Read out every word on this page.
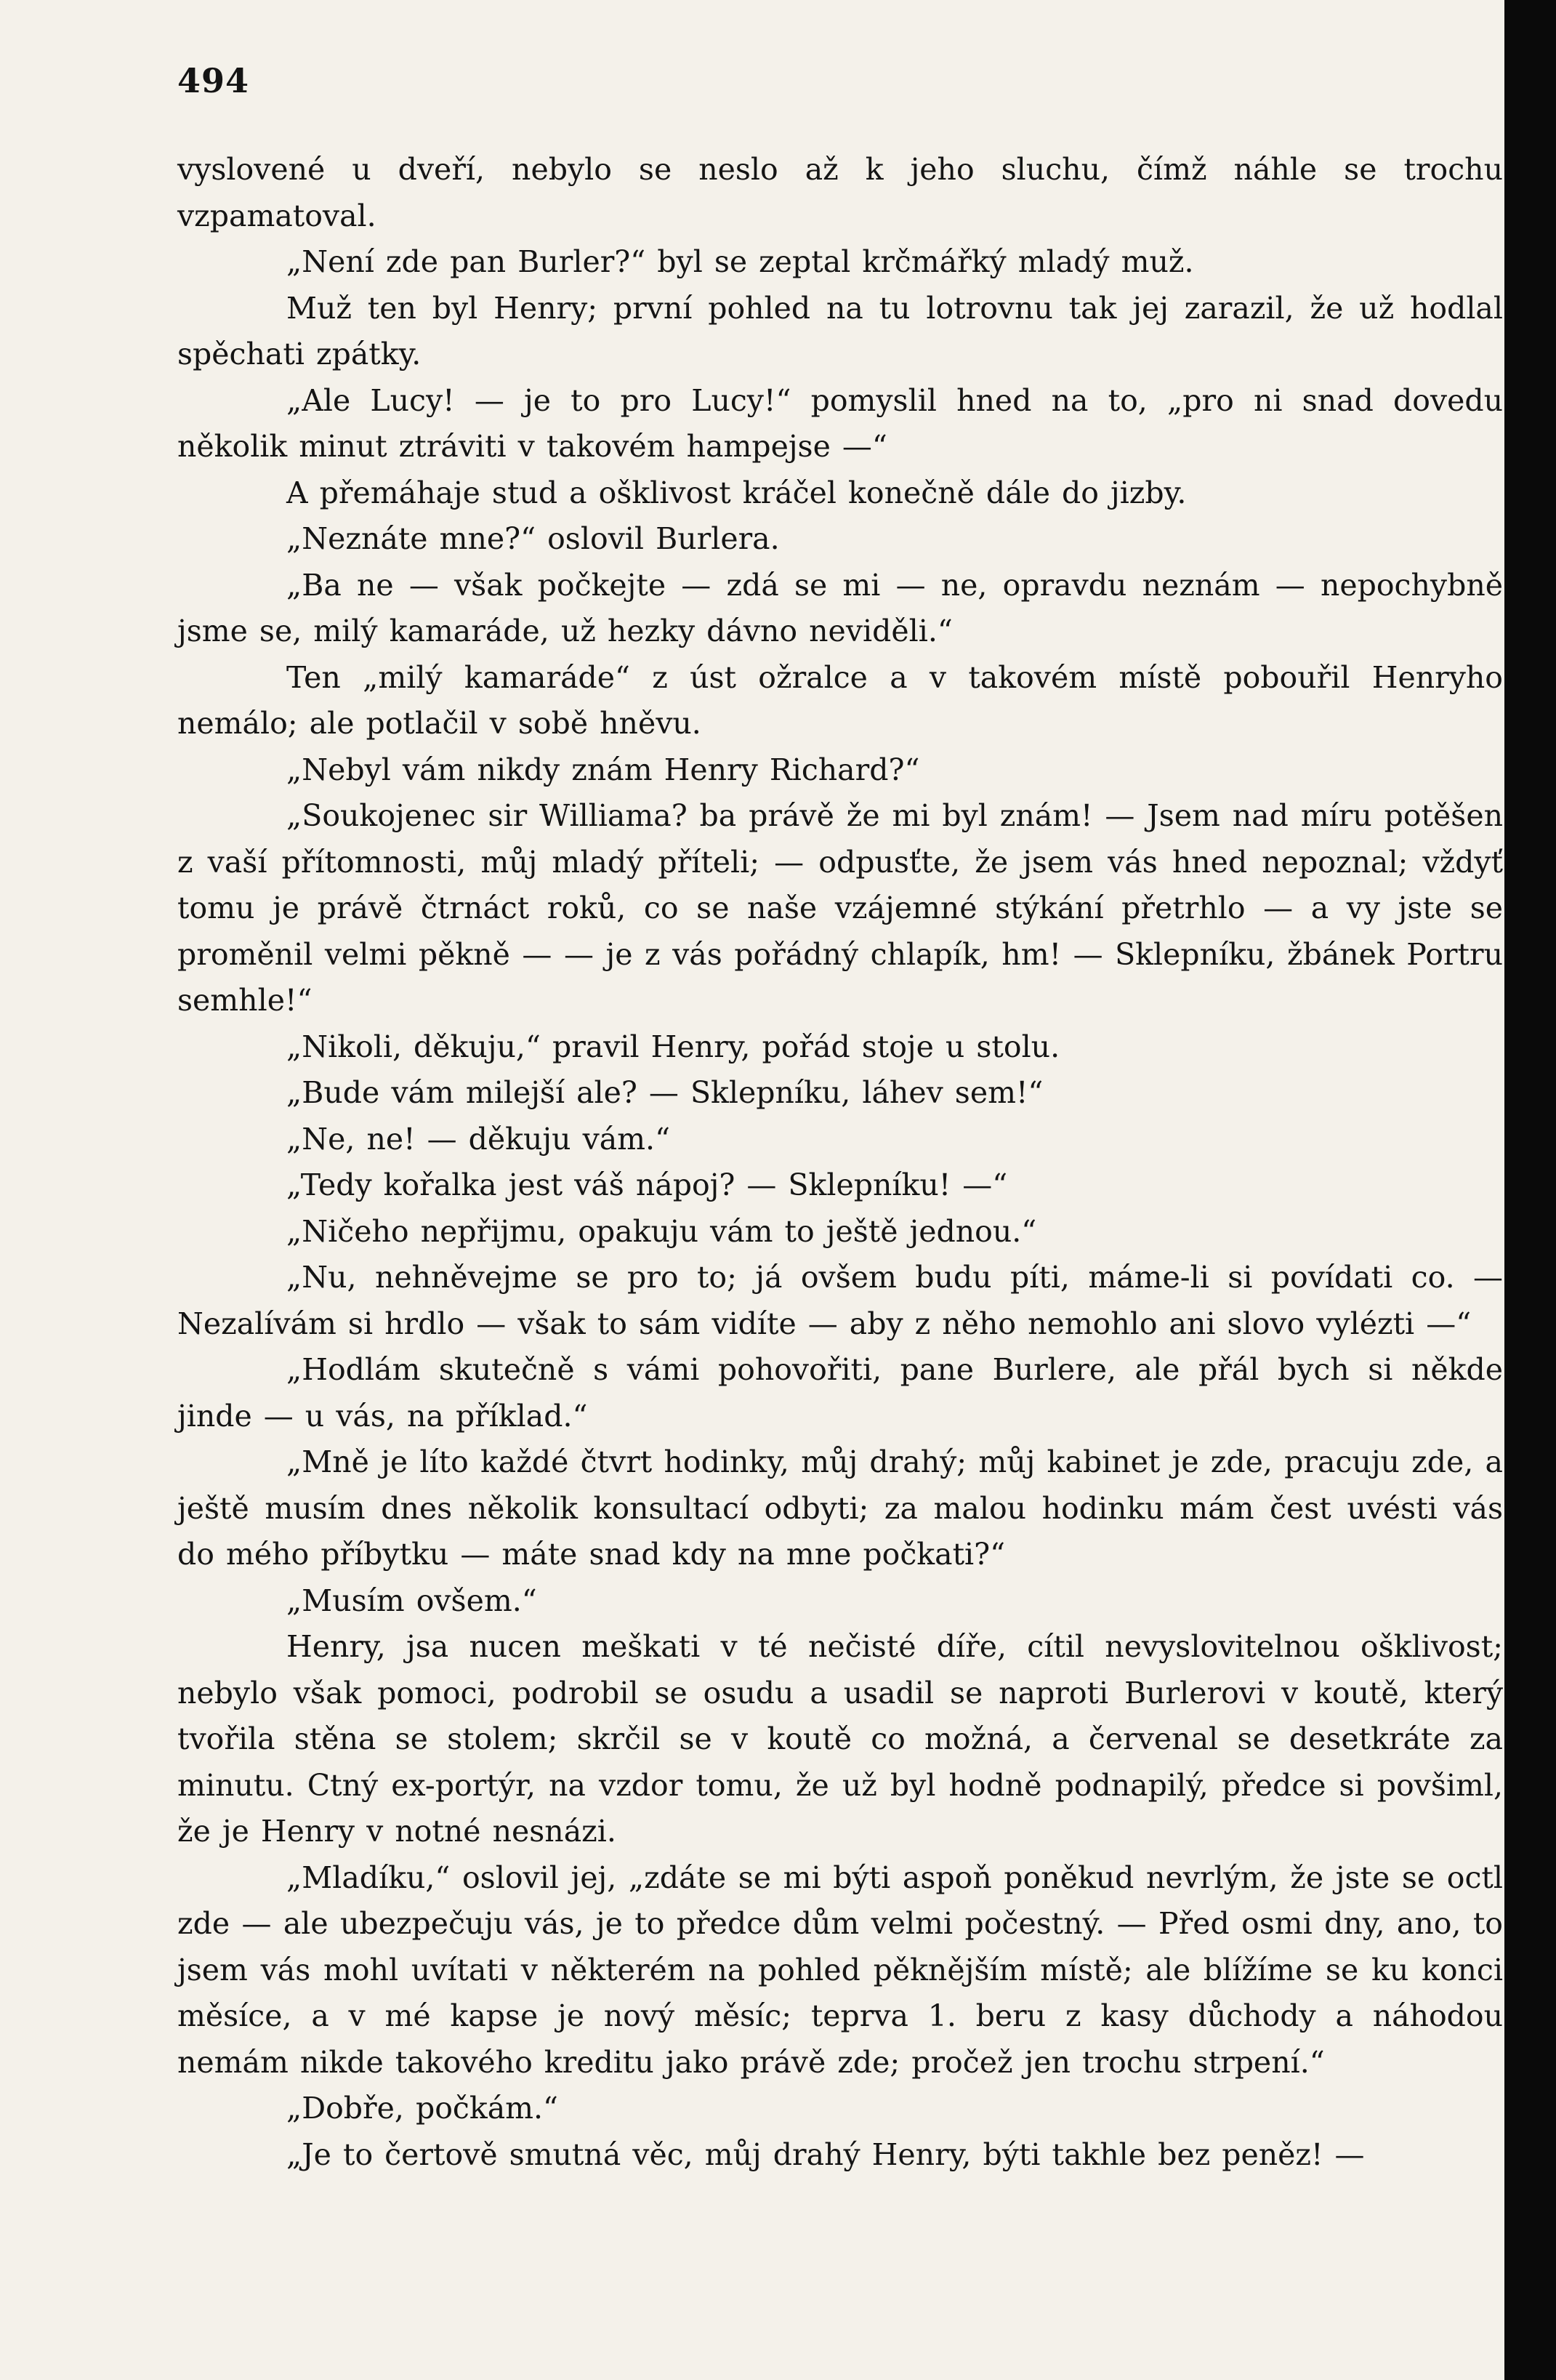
494

vyslovené u dveří, nebylo se neslo až k jeho sluchu, čímž náhle se trochu vzpamatoval.

„Není zde pan Burler?“ byl se zeptal krčmářký mladý muž.

Muž ten byl Henry; první pohled na tu lotrovnu tak jej zarazil, že už hodlal spěchati zpátky.

„Ale Lucy! — je to pro Lucy!“ pomyslil hned na to, „pro ni snad dovedu několik minut ztráviti v takovém hampejse —“

A přemáhaje stud a ošklivost kráčel konečně dále do jizby.

„Neznáte mne?“ oslovil Burlera.

„Ba ne — však počkejte — zdá se mi — ne, opravdu neznám — nepochybně jsme se, milý kamaráde, už hezky dávno neviděli.“

Ten „milý kamaráde“ z úst ožralce a v takovém místě pobouřil Henryho nemálo; ale potlačil v sobě hněvu.

„Nebyl vám nikdy znám Henry Richard?“

„Soukojenec sir Williama? ba právě že mi byl znám! — Jsem nad míru potěšen z vaší přítomnosti, můj mladý příteli; — odpusťte, že jsem vás hned nepoznal; vždyť tomu je právě čtrnáct roků, co se naše vzájemné stýkání přetrhlo — a vy jste se proměnil velmi pěkně — — je z vás pořádný chlapík, hm! — Sklepníku, žbánek Portru semhle!“

„Nikoli, děkuju,“ pravil Henry, pořád stoje u stolu.

„Bude vám milejší ale? — Sklepníku, láhev sem!“

„Ne, ne! — děkuju vám.“

„Tedy kořalka jest váš nápoj? — Sklepníku! —“

„Ničeho nepřijmu, opakuju vám to ještě jednou.“

„Nu, nehněvejme se pro to; já ovšem budu píti, máme-li si povídati co. — Nezalívám si hrdlo — však to sám vidíte — aby z něho nemohlo ani slovo vylézti —“

„Hodlám skutečně s vámi pohovořiti, pane Burlere, ale přál bych si někde jinde — u vás, na příklad.“

„Mně je líto každé čtvrt hodinky, můj drahý; můj kabinet je zde, pracuju zde, a ještě musím dnes několik konsultací odbyti; za malou hodinku mám čest uvésti vás do mého příbytku — máte snad kdy na mne počkati?“

„Musím ovšem.“

Henry, jsa nucen meškati v té nečisté díře, cítil nevyslovitelnou ošklivost; nebylo však pomoci, podrobil se osudu a usadil se naproti Burlerovi v koutě, který tvořila stěna se stolem; skrčil se v koutě co možná, a červenal se desetkráte za minutu. Ctný ex-portýr, na vzdor tomu, že už byl hodně podnapilý, předce si povšiml, že je Henry v notné nesnázi.

„Mladíku,“ oslovil jej, „zdáte se mi býti aspoň poněkud nevrlým, že jste se octl zde — ale ubezpečuju vás, je to předce dům velmi počestný. — Před osmi dny, ano, to jsem vás mohl uvítati v některém na pohled pěknějším místě; ale blížíme se ku konci měsíce, a v mé kapse je nový měsíc; teprva 1. beru z kasy důchody a náhodou nemám nikde takového kreditu jako právě zde; pročež jen trochu strpení.“

„Dobře, počkám.“

„Je to čertově smutná věc, můj drahý Henry, býti takhle bez peněz! —
